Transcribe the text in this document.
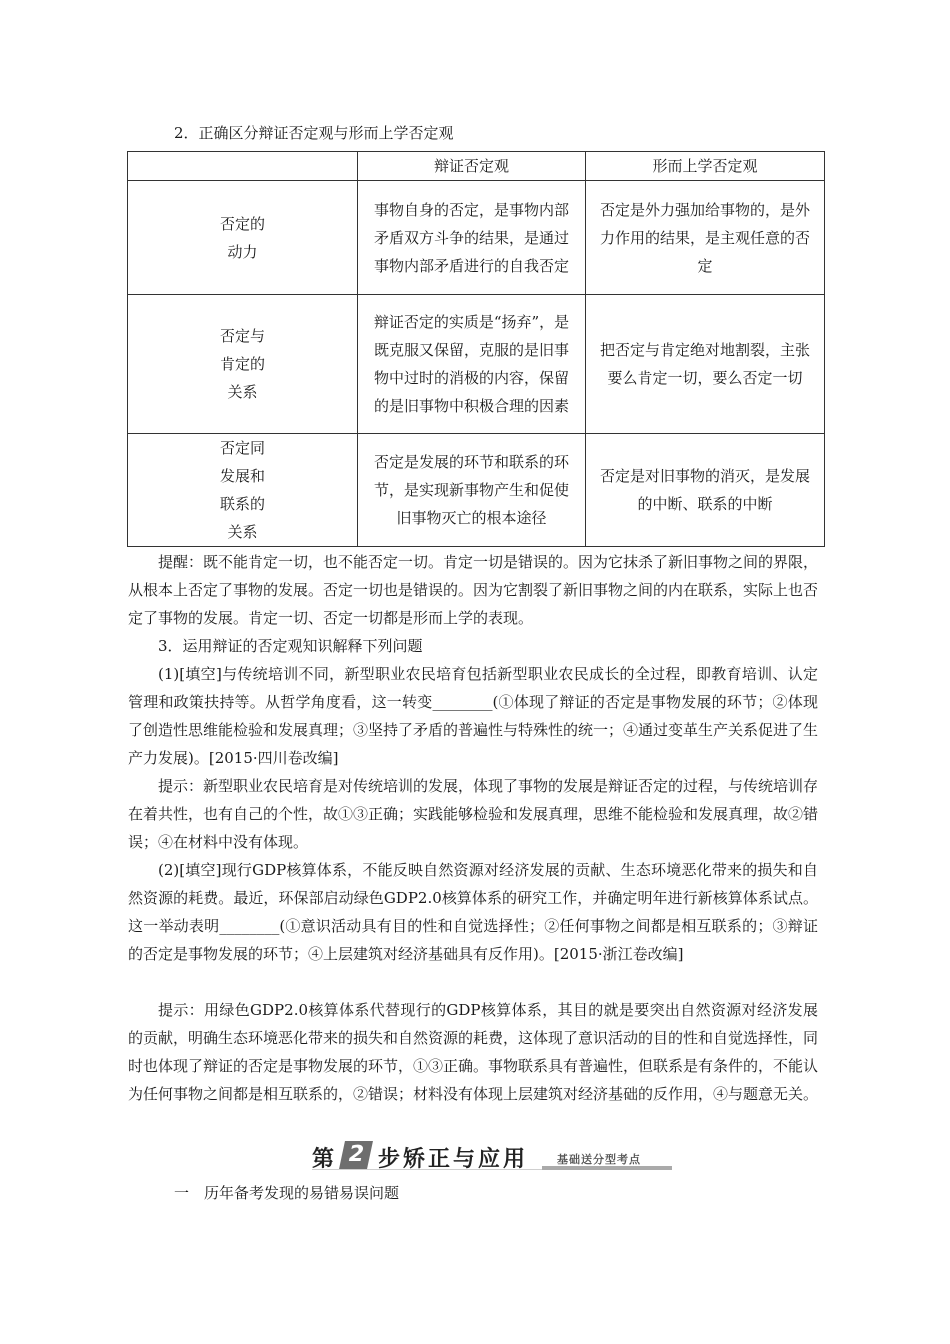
2．正确区分辩证否定观与形而上学否定观
	辩证否定观	形而上学否定观
否定的
动力	事物自身的否定，是事物内部矛盾双方斗争的结果，是通过事物内部矛盾进行的自我否定	否定是外力强加给事物的，是外力作用的结果，是主观任意的否定
否定与
肯定的
关系	辩证否定的实质是“扬弃”，是既克服又保留，克服的是旧事物中过时的消极的内容，保留的是旧事物中积极合理的因素	把否定与肯定绝对地割裂，主张要么肯定一切，要么否定一切
否定同
发展和
联系的
关系	否定是发展的环节和联系的环节，是实现新事物产生和促使旧事物灭亡的根本途径	否定是对旧事物的消灭，是发展的中断、联系的中断

提醒：既不能肯定一切，也不能否定一切。肯定一切是错误的。因为它抹杀了新旧事物之间的界限，从根本上否定了事物的发展。否定一切也是错误的。因为它割裂了新旧事物之间的内在联系，实际上也否定了事物的发展。肯定一切、否定一切都是形而上学的表现。

3．运用辩证的否定观知识解释下列问题

(1)[填空]与传统培训不同，新型职业农民培育包括新型职业农民成长的全过程，即教育培训、认定管理和政策扶持等。从哲学角度看，这一转变________(①体现了辩证的否定是事物发展的环节；②体现了创造性思维能检验和发展真理；③坚持了矛盾的普遍性与特殊性的统一；④通过变革生产关系促进了生产力发展)。[2015·四川卷改编]

提示：新型职业农民培育是对传统培训的发展，体现了事物的发展是辩证否定的过程，与传统培训存在着共性，也有自己的个性，故①③正确；实践能够检验和发展真理，思维不能检验和发展真理，故②错误；④在材料中没有体现。

(2)[填空]现行GDP核算体系，不能反映自然资源对经济发展的贡献、生态环境恶化带来的损失和自然资源的耗费。最近，环保部启动绿色GDP2.0核算体系的研究工作，并确定明年进行新核算体系试点。这一举动表明________(①意识活动具有目的性和自觉选择性；②任何事物之间都是相互联系的；③辩证的否定是事物发展的环节；④上层建筑对经济基础具有反作用)。[2015·浙江卷改编]

提示：用绿色GDP2.0核算体系代替现行的GDP核算体系，其目的就是要突出自然资源对经济发展的贡献，明确生态环境恶化带来的损失和自然资源的耗费，这体现了意识活动的目的性和自觉选择性，同时也体现了辩证的否定是事物发展的环节，①③正确。事物联系具有普遍性，但联系是有条件的，不能认为任何事物之间都是相互联系的，②错误；材料没有体现上层建筑对经济基础的反作用，④与题意无关。

第 2 步矫正与应用	基础送分型考点
一　历年备考发现的易错易误问题
